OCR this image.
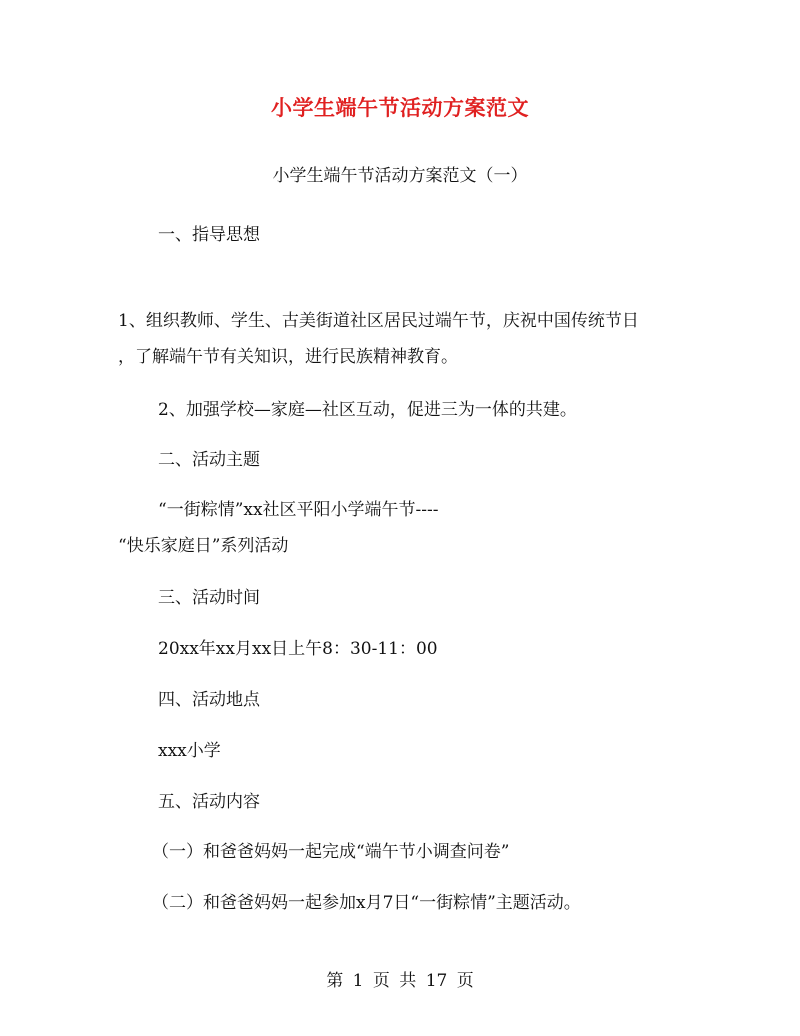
小学生端午节活动方案范文
小学生端午节活动方案范文（一）
一、指导思想
1、组织教师、学生、古美街道社区居民过端午节，庆祝中国传统节日
，了解端午节有关知识，进行民族精神教育。
2、加强学校—家庭—社区互动，促进三为一体的共建。
二、活动主题
“一街粽情”xx社区平阳小学端午节----
“快乐家庭日”系列活动
三、活动时间
20xx年xx月xx日上午8：30-11：00
四、活动地点
xxx小学
五、活动内容
（一）和爸爸妈妈一起完成“端午节小调查问卷”
（二）和爸爸妈妈一起参加x月7日“一街粽情”主题活动。
第 1 页 共 17 页
